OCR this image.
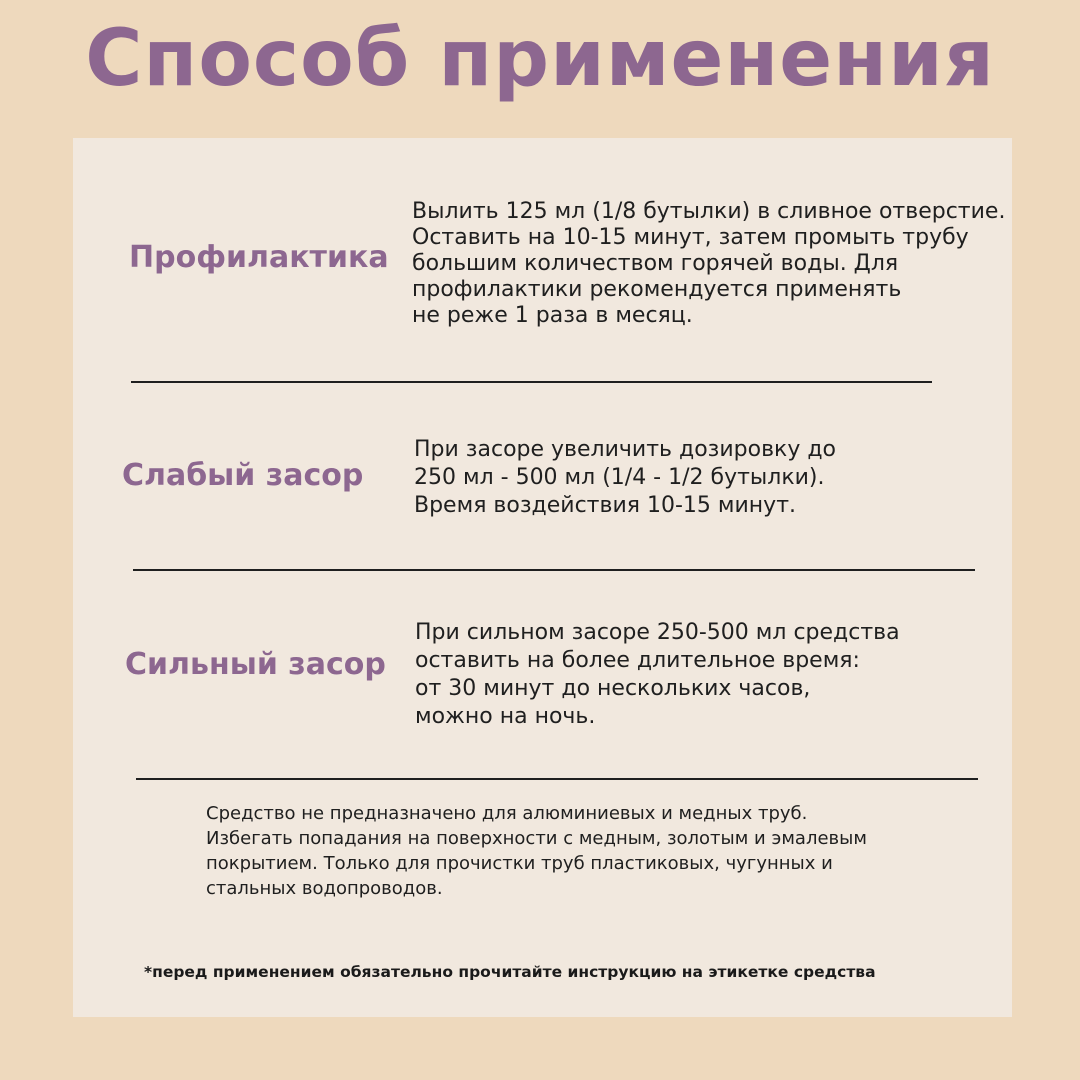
Способ применения
Профилактика
Вылить 125 мл (1/8 бутылки) в сливное отверстие.
Оставить на 10-15 минут, затем промыть трубу
большим количеством горячей воды. Для
профилактики рекомендуется применять
не реже 1 раза в месяц.
Слабый засор
При засоре увеличить дозировку до
250 мл - 500 мл (1/4 - 1/2 бутылки).
Время воздействия 10-15 минут.
Сильный засор
При сильном засоре 250-500 мл средства
оставить на более длительное время:
от 30 минут до нескольких часов,
можно на ночь.
Средство не предназначено для алюминиевых и медных труб.
Избегать попадания на поверхности с медным, золотым и эмалевым
покрытием. Только для прочистки труб пластиковых, чугунных и
стальных водопроводов.
*перед применением обязательно прочитайте инструкцию на этикетке средства
